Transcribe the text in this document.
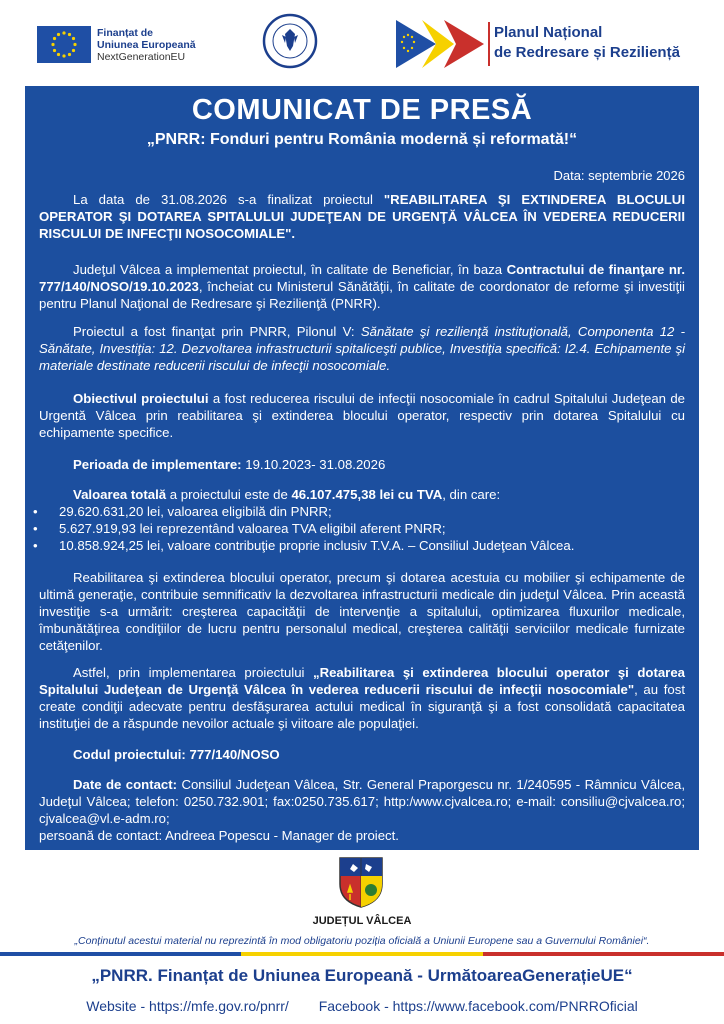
Finanțat de
Uniunea Europeană
NextGenerationEU
Planul Național
de Redresare și Reziliență
COMUNICAT DE PRESĂ
„PNRR: Fonduri pentru România modernă și reformată!“
Data: septembrie 2026
La data de 31.08.2026 s-a finalizat proiectul "REABILITAREA ŞI EXTINDEREA BLOCULUI OPERATOR ŞI DOTAREA SPITALULUI JUDEŢEAN DE URGENŢĂ VÂLCEA ÎN VEDEREA REDUCERII RISCULUI DE INFECŢII NOSOCOMIALE".
Judeţul Vâlcea a implementat proiectul, în calitate de Beneficiar, în baza Contractului de finanţare nr. 777/140/NOSO/19.10.2023, încheiat cu Ministerul Sănătăţii, în calitate de coordonator de reforme şi investiţii pentru Planul Naţional de Redresare şi Rezilienţă (PNRR).
Proiectul a fost finanţat prin PNRR, Pilonul V: Sănătate şi rezilienţă instituţională, Componenta 12 - Sănătate, Investiţia: 12. Dezvoltarea infrastructurii spitaliceşti publice, Investiţia specifică: I2.4. Echipamente şi materiale destinate reducerii riscului de infecţii nosocomiale.
Obiectivul proiectului a fost reducerea riscului de infecţii nosocomiale în cadrul Spitalului Judeţean de Urgentă Vâlcea prin reabilitarea şi extinderea blocului operator, respectiv prin dotarea Spitalului cu echipamente specifice.
Perioada de implementare: 19.10.2023- 31.08.2026
Valoarea totală a proiectului este de 46.107.475,38 lei cu TVA, din care:
• 29.620.631,20 lei, valoarea eligibilă din PNRR;
• 5.627.919,93 lei reprezentând valoarea TVA eligibil aferent PNRR;
• 10.858.924,25 lei, valoare contribuţie proprie inclusiv T.V.A. – Consiliul Judeţean Vâlcea.
Reabilitarea şi extinderea blocului operator, precum şi dotarea acestuia cu mobilier şi echipamente de ultimă generaţie, contribuie semnificativ la dezvoltarea infrastructurii medicale din judeţul Vâlcea. Prin această investiţie s-a urmărit: creşterea capacităţii de intervenţie a spitalului, optimizarea fluxurilor medicale, îmbunătăţirea condiţiilor de lucru pentru personalul medical, creşterea calităţii serviciilor medicale furnizate cetăţenilor.
Astfel, prin implementarea proiectului „Reabilitarea şi extinderea blocului operator şi dotarea Spitalului Judeţean de Urgenţă Vâlcea în vederea reducerii riscului de infecţii nosocomiale", au fost create condiţii adecvate pentru desfăşurarea actului medical în siguranţă şi a fost consolidată capacitatea instituţiei de a răspunde nevoilor actuale şi viitoare ale populaţiei.
Codul proiectului: 777/140/NOSO
Date de contact: Consiliul Judeţean Vâlcea, Str. General Praporgescu nr. 1/240595 - Râmnicu Vâlcea, Judeţul Vâlcea; telefon: 0250.732.901; fax:0250.735.617; http:/www.cjvalcea.ro; e-mail: consiliu@cjvalcea.ro; cjvalcea@vl.e-adm.ro;
persoană de contact: Andreea Popescu - Manager de proiect.
JUDEȚUL VÂLCEA
„Conținutul acestui material nu reprezintă în mod obligatoriu poziția oficială a Uniunii Europene sau a Guvernului României“.
„PNRR. Finanțat de Uniunea Europeană - UrmătoareaGenerațieUE“
Website - https://mfe.gov.ro/pnrr/ Facebook - https://www.facebook.com/PNRROficial
